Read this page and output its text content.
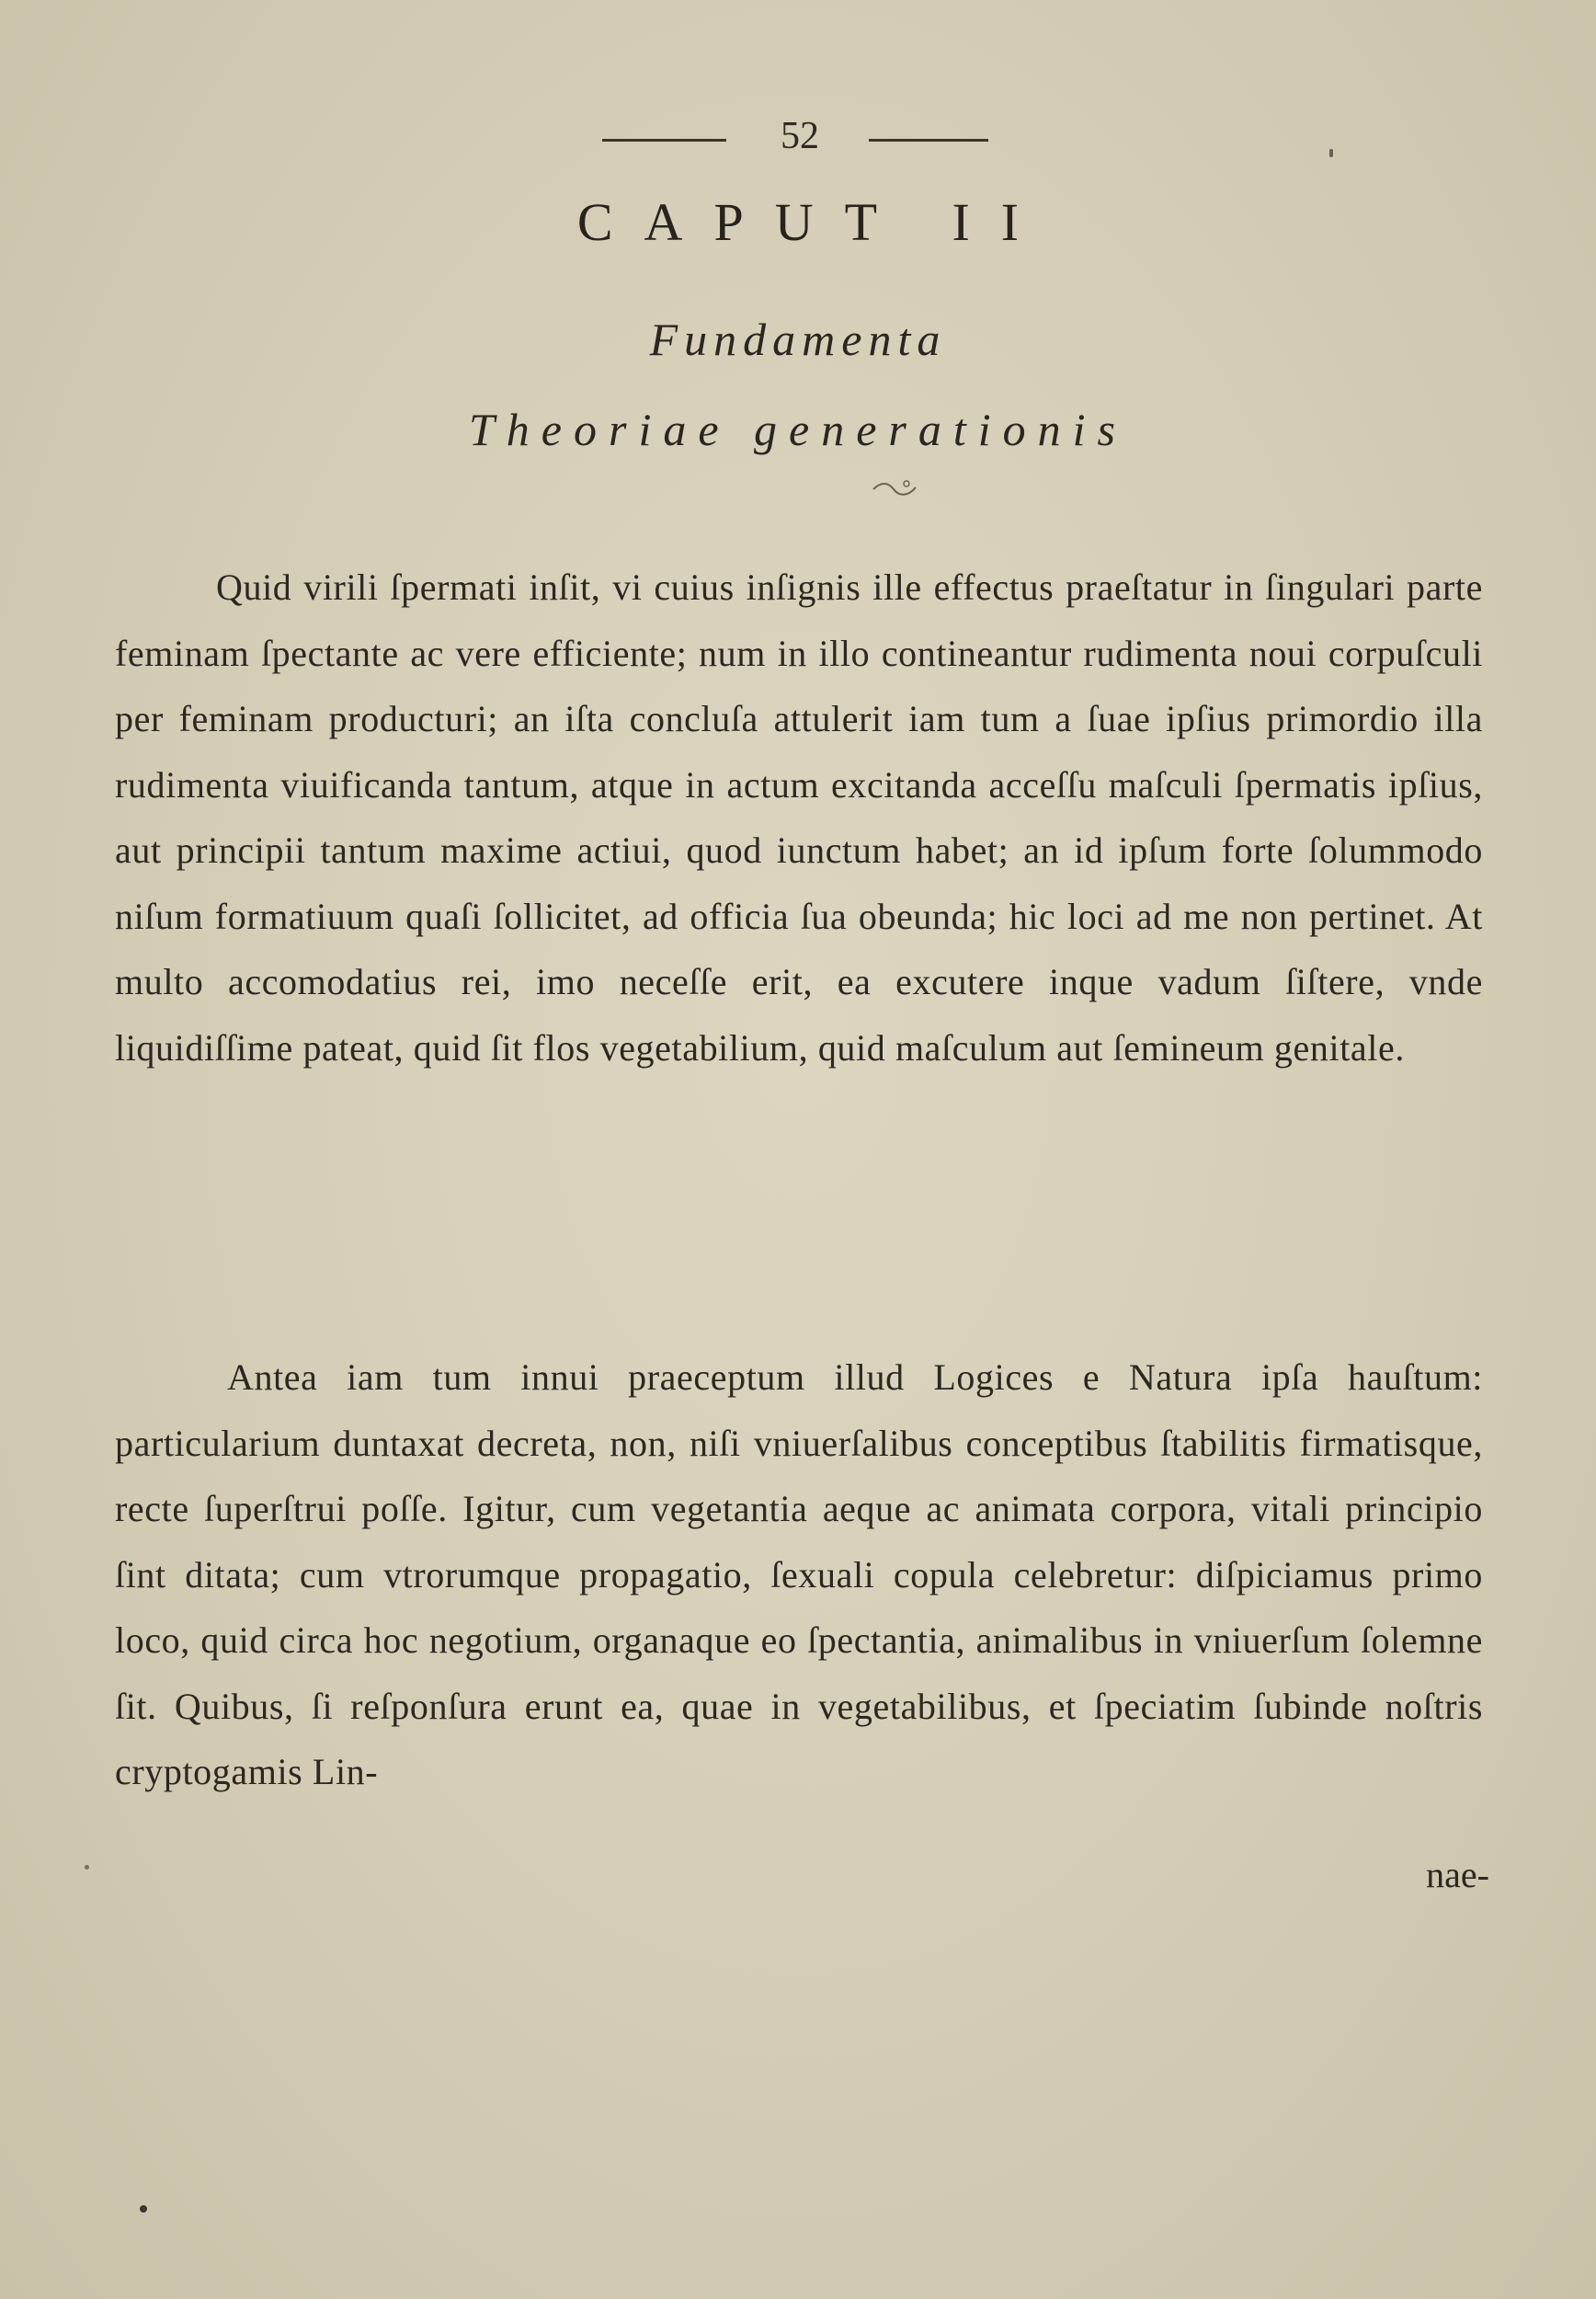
52
CAPUT II
Fundamenta
Theoriae generationis

Quid virili ſpermati inſit, vi cuius inſignis ille effectus praeſtatur in ſingulari parte feminam ſpectante ac vere efficiente; num in illo contineantur rudimenta noui corpuſculi per feminam producturi; an iſta concluſa attulerit iam tum a ſuae ipſius primordio illa rudimenta viuificanda tantum, atque in actum excitanda acceſſu maſculi ſpermatis ipſius, aut principii tantum maxime actiui, quod iunctum habet; an id ipſum forte ſolummodo niſum formatiuum quaſi ſollicitet, ad officia ſua obeunda; hic loci ad me non pertinet. At multo accomodatius rei, imo neceſſe erit, ea excutere inque vadum ſiſtere, vnde liquidiſſime pateat, quid ſit flos vegetabilium, quid maſculum aut ſemineum genitale.

Antea iam tum innui praeceptum illud Logices e Natura ipſa hauſtum: particularium duntaxat decreta, non, niſi vniuerſalibus conceptibus ſtabilitis firmatisque, recte ſuperſtrui poſſe. Igitur, cum vegetantia aeque ac animata corpora, vitali principio ſint ditata; cum vtrorumque propagatio, ſexuali copula celebretur: diſpiciamus primo loco, quid circa hoc negotium, organaque eo ſpectantia, animalibus in vniuerſum ſolemne ſit. Quibus, ſi reſponſura erunt ea, quae in vegetabilibus, et ſpeciatim ſubinde noſtris cryptogamis Lin-

nae-
